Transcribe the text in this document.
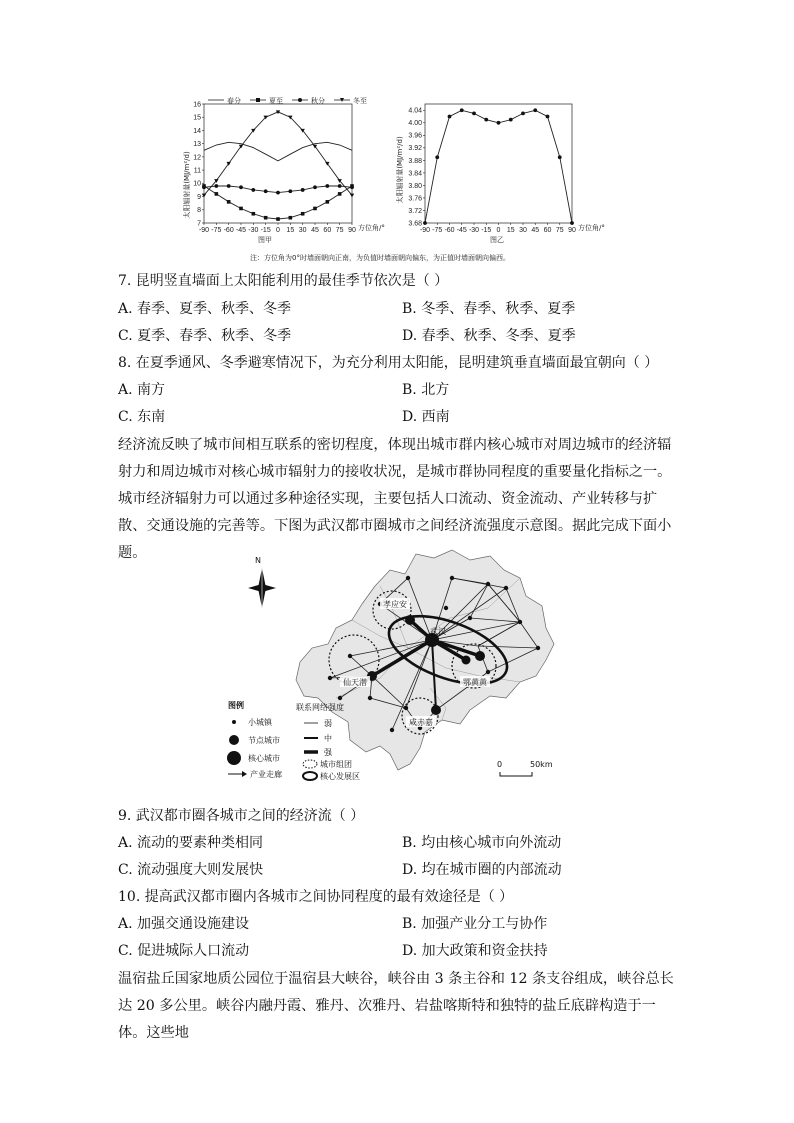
春分	夏至	秋分	冬至
太阳辐射量(MJ/m²/d)
方位角/°
图甲
7
8
9
10
11
12
13
14
15
16
-90 -75 -60 -45 -30 -15 0 15 30 45 60 75 90
太阳辐射量(MJ/m²/d)
方位角/°
图乙
3.68
3.72
3.76
3.80
3.84
3.88
3.92
3.96
4.00
4.04
-90 -75 -60 -45 -30 -15 0 15 30 45 60 75 90
注：方位角为0°时墙面朝向正南，为负值时墙面朝向偏东，为正值时墙面朝向偏西。
7. 昆明竖直墙面上太阳能利用的最佳季节依次是（ ）
A. 春季、夏季、秋季、冬季	B. 冬季、春季、秋季、夏季
C. 夏季、春季、秋季、冬季	D. 春季、秋季、冬季、夏季
8. 在夏季通风、冬季避寒情况下，为充分利用太阳能，昆明建筑垂直墙面最宜朝向（ ）
A. 南方	B. 北方
C. 东南	D. 西南
经济流反映了城市间相互联系的密切程度，体现出城市群内核心城市对周边城市的经济辐射力和周边城市对核心城市辐射力的接收状况，是城市群协同程度的重要量化指标之一。城市经济辐射力可以通过多种途径实现，主要包括人口流动、资金流动、产业转移与扩散、交通设施的完善等。下图为武汉都市圈城市之间经济流强度示意图。据此完成下面小题。	N
孝应安
武汉
仙天潜	鄂黄黄
咸赤嘉
图例
小城镇
节点城市
核心城市
产业走廊
联系网络强度
弱
中
强
城市组团
核心发展区
0	50km
9. 武汉都市圈各城市之间的经济流（ ）
A. 流动的要素种类相同	B. 均由核心城市向外流动
C. 流动强度大则发展快	D. 均在城市圈的内部流动
10. 提高武汉都市圈内各城市之间协同程度的最有效途径是（ ）
A. 加强交通设施建设	B. 加强产业分工与协作
C. 促进城际人口流动	D. 加大政策和资金扶持
温宿盐丘国家地质公园位于温宿县大峡谷，峡谷由 3 条主谷和 12 条支谷组成，峡谷总长达 20 多公里。峡谷内融丹霞、雅丹、次雅丹、岩盐喀斯特和独特的盐丘底辟构造于一体。这些地
